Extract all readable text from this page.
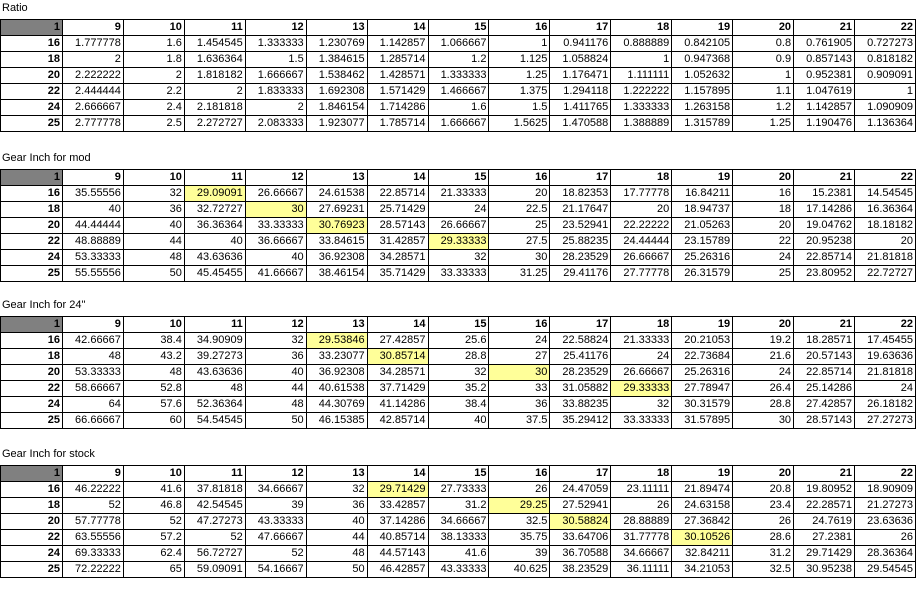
Ratio
1	9	10	11	12	13	14	15	16	17	18	19	20	21	22
16	1.777778	1.6	1.454545	1.333333	1.230769	1.142857	1.066667	1	0.941176	0.888889	0.842105	0.8	0.761905	0.727273
18	2	1.8	1.636364	1.5	1.384615	1.285714	1.2	1.125	1.058824	1	0.947368	0.9	0.857143	0.818182
20	2.222222	2	1.818182	1.666667	1.538462	1.428571	1.333333	1.25	1.176471	1.111111	1.052632	1	0.952381	0.909091
22	2.444444	2.2	2	1.833333	1.692308	1.571429	1.466667	1.375	1.294118	1.222222	1.157895	1.1	1.047619	1
24	2.666667	2.4	2.181818	2	1.846154	1.714286	1.6	1.5	1.411765	1.333333	1.263158	1.2	1.142857	1.090909
25	2.777778	2.5	2.272727	2.083333	1.923077	1.785714	1.666667	1.5625	1.470588	1.388889	1.315789	1.25	1.190476	1.136364
Gear Inch for mod
1	9	10	11	12	13	14	15	16	17	18	19	20	21	22
16	35.55556	32	29.09091	26.66667	24.61538	22.85714	21.33333	20	18.82353	17.77778	16.84211	16	15.2381	14.54545
18	40	36	32.72727	30	27.69231	25.71429	24	22.5	21.17647	20	18.94737	18	17.14286	16.36364
20	44.44444	40	36.36364	33.33333	30.76923	28.57143	26.66667	25	23.52941	22.22222	21.05263	20	19.04762	18.18182
22	48.88889	44	40	36.66667	33.84615	31.42857	29.33333	27.5	25.88235	24.44444	23.15789	22	20.95238	20
24	53.33333	48	43.63636	40	36.92308	34.28571	32	30	28.23529	26.66667	25.26316	24	22.85714	21.81818
25	55.55556	50	45.45455	41.66667	38.46154	35.71429	33.33333	31.25	29.41176	27.77778	26.31579	25	23.80952	22.72727
Gear Inch for 24"
1	9	10	11	12	13	14	15	16	17	18	19	20	21	22
16	42.66667	38.4	34.90909	32	29.53846	27.42857	25.6	24	22.58824	21.33333	20.21053	19.2	18.28571	17.45455
18	48	43.2	39.27273	36	33.23077	30.85714	28.8	27	25.41176	24	22.73684	21.6	20.57143	19.63636
20	53.33333	48	43.63636	40	36.92308	34.28571	32	30	28.23529	26.66667	25.26316	24	22.85714	21.81818
22	58.66667	52.8	48	44	40.61538	37.71429	35.2	33	31.05882	29.33333	27.78947	26.4	25.14286	24
24	64	57.6	52.36364	48	44.30769	41.14286	38.4	36	33.88235	32	30.31579	28.8	27.42857	26.18182
25	66.66667	60	54.54545	50	46.15385	42.85714	40	37.5	35.29412	33.33333	31.57895	30	28.57143	27.27273
Gear Inch for stock
1	9	10	11	12	13	14	15	16	17	18	19	20	21	22
16	46.22222	41.6	37.81818	34.66667	32	29.71429	27.73333	26	24.47059	23.11111	21.89474	20.8	19.80952	18.90909
18	52	46.8	42.54545	39	36	33.42857	31.2	29.25	27.52941	26	24.63158	23.4	22.28571	21.27273
20	57.77778	52	47.27273	43.33333	40	37.14286	34.66667	32.5	30.58824	28.88889	27.36842	26	24.7619	23.63636
22	63.55556	57.2	52	47.66667	44	40.85714	38.13333	35.75	33.64706	31.77778	30.10526	28.6	27.2381	26
24	69.33333	62.4	56.72727	52	48	44.57143	41.6	39	36.70588	34.66667	32.84211	31.2	29.71429	28.36364
25	72.22222	65	59.09091	54.16667	50	46.42857	43.33333	40.625	38.23529	36.11111	34.21053	32.5	30.95238	29.54545
